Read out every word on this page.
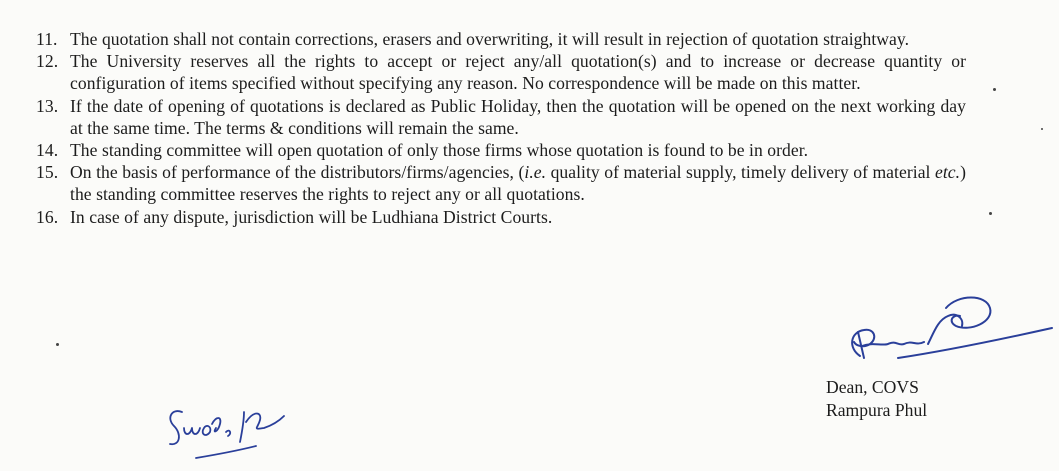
11. The quotation shall not contain corrections, erasers and overwriting, it will result in rejection of quotation straightway.
12. The University reserves all the rights to accept or reject any/all quotation(s) and to increase or decrease quantity or configuration of items specified without specifying any reason. No correspondence will be made on this matter.
13. If the date of opening of quotations is declared as Public Holiday, then the quotation will be opened on the next working day at the same time. The terms & conditions will remain the same.
14. The standing committee will open quotation of only those firms whose quotation is found to be in order.
15. On the basis of performance of the distributors/firms/agencies, (i.e. quality of material supply, timely delivery of material etc.) the standing committee reserves the rights to reject any or all quotations.
16. In case of any dispute, jurisdiction will be Ludhiana District Courts.
Dean, COVS
Rampura Phul
